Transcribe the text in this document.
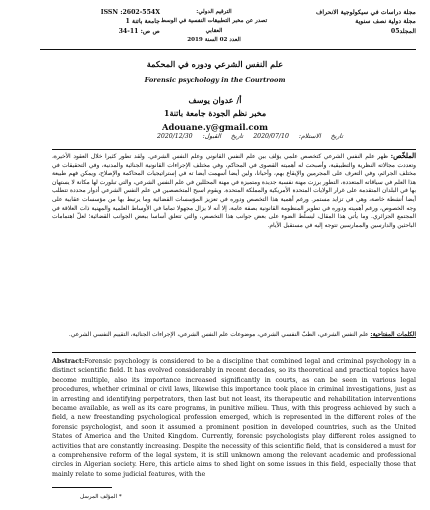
مجلة دراسات في سيكولوجية الانحراف
مجلة دولية نصف سنوية
المجلد05
الترقيم الدولي:
تصدر عن مخبر التطبيقات النفسية في الوسط العقابي
العدد 02 السنة 2019
ISSN :2602-554X
جامعة باتنة 1
ص ص: 11-34
علم النفس الشرعي ودوره في المحكمة
Forensic psychology in the Courtroom
أ/ عدوان يوسف
مخبر نظم الجودة جامعة باتنة1
Adouane.y@gmail.com
تاريخ الاستلام: 2020/07/10 تاريخ القبول: 2020/12/30
الملخّص: ظهر علم النفس الشرعي كتخصص علمي يؤلف بين علم النفس القانوني وعلم النفس الشرعي. ولقد تطور كثيرا خلال العقود الأخيرة، وتعددت مجالاته النظرية والتطبيقية، وأصبحت له أهميته القصوى في المحاكم، وفي مختلف الإجراءات القانونية الجنائية والمدنية، وفي التحقيقات في مختلف الجرائم، وفي التعرف على المجرمين والإيقاع بهم، وأحيانا، ولين أيضا أسهمت أيضا ته في إستراتيجيات المحاكمة والإصلاح، ويمكن فهم طبيعة هذا العلم في سياقاته المتعددة، التطور برزت مهنة نفسية جديدة ومتميزة في مهنة المحللين في علم النفس الشرعي، والتي تبلورت لها مكانة لا يستهان بها في البلدان المتقدمة على غرار الولايات المتحدة الأمريكية والمملكة المتحدة. ويقوم اسيح المتخصصين في علم النفس الشرعي أدوار محددة تتطلب أيضا أنشطة خاصة، وهي في تزايد مستمر. ورغم أهمية هذا التخصص ودوره في تعزيز المؤسسات القضائية وما يرتبط بها من مؤسسات عقابية على وجه الخصوص، ورغم أهميته ودوره في تطوير المنظومة القانونية بصفة عامة، إلا أنه لا يزال مجهولا تماما في الأوساط العلمية والمهنية ذات العلاقة في المجتمع الجزائري. وما يأتي هذا المقال، ليسلّط الضوء على بعض جوانب هذا التخصص، والتي تتعلق أساسا ببعض الجوانب القضائية؛ لعلّ اهتمامات الباحثين والدارسين والممارسين تتوجه إليه في مستقبل الأيام.
الكلمات المفتاحية: علم النفس الشرعي، الطبّ النفسي الشرعي، موضوعات علم النفس الشرعي، الإجراءات الجنائية، التقييم النفسي الشرعي.
Abstract:Forensic psychology is considered to be a discipline that combined legal and criminal psychology in a distinct scientific field. It has evolved considerably in recent decades, so its theoretical and practical topics have become multiple, also its importance increased significantly in courts, as can be seen in various legal procedures, whether criminal or civil laws, likewise this importance took place in criminal investigations, just as in arresting and identifying perpetrators, then last but not least, its therapeutic and rehabilitation interventions became available, as well as its care programs, in punitive milieu. Thus, with this progress achieved by such a field, a new freestanding psychological profession emerged, which is represented in the different roles of the forensic psychologist, and soon it assumed a prominent position in developed countries, such as the United States of America and the United Kingdom. Currently, forensic psychologists play different roles assigned to activities that are constantly increasing. Despite the necessity of this scientific field, that is considered a must for a comprehensive reform of the legal system, it is still unknown among the relevant academic and professional circles in Algerian society. Here, this article aims to shed light on some issues in this field, especially those that mainly relate to some judicial features, with the
* المؤلف المرسل
